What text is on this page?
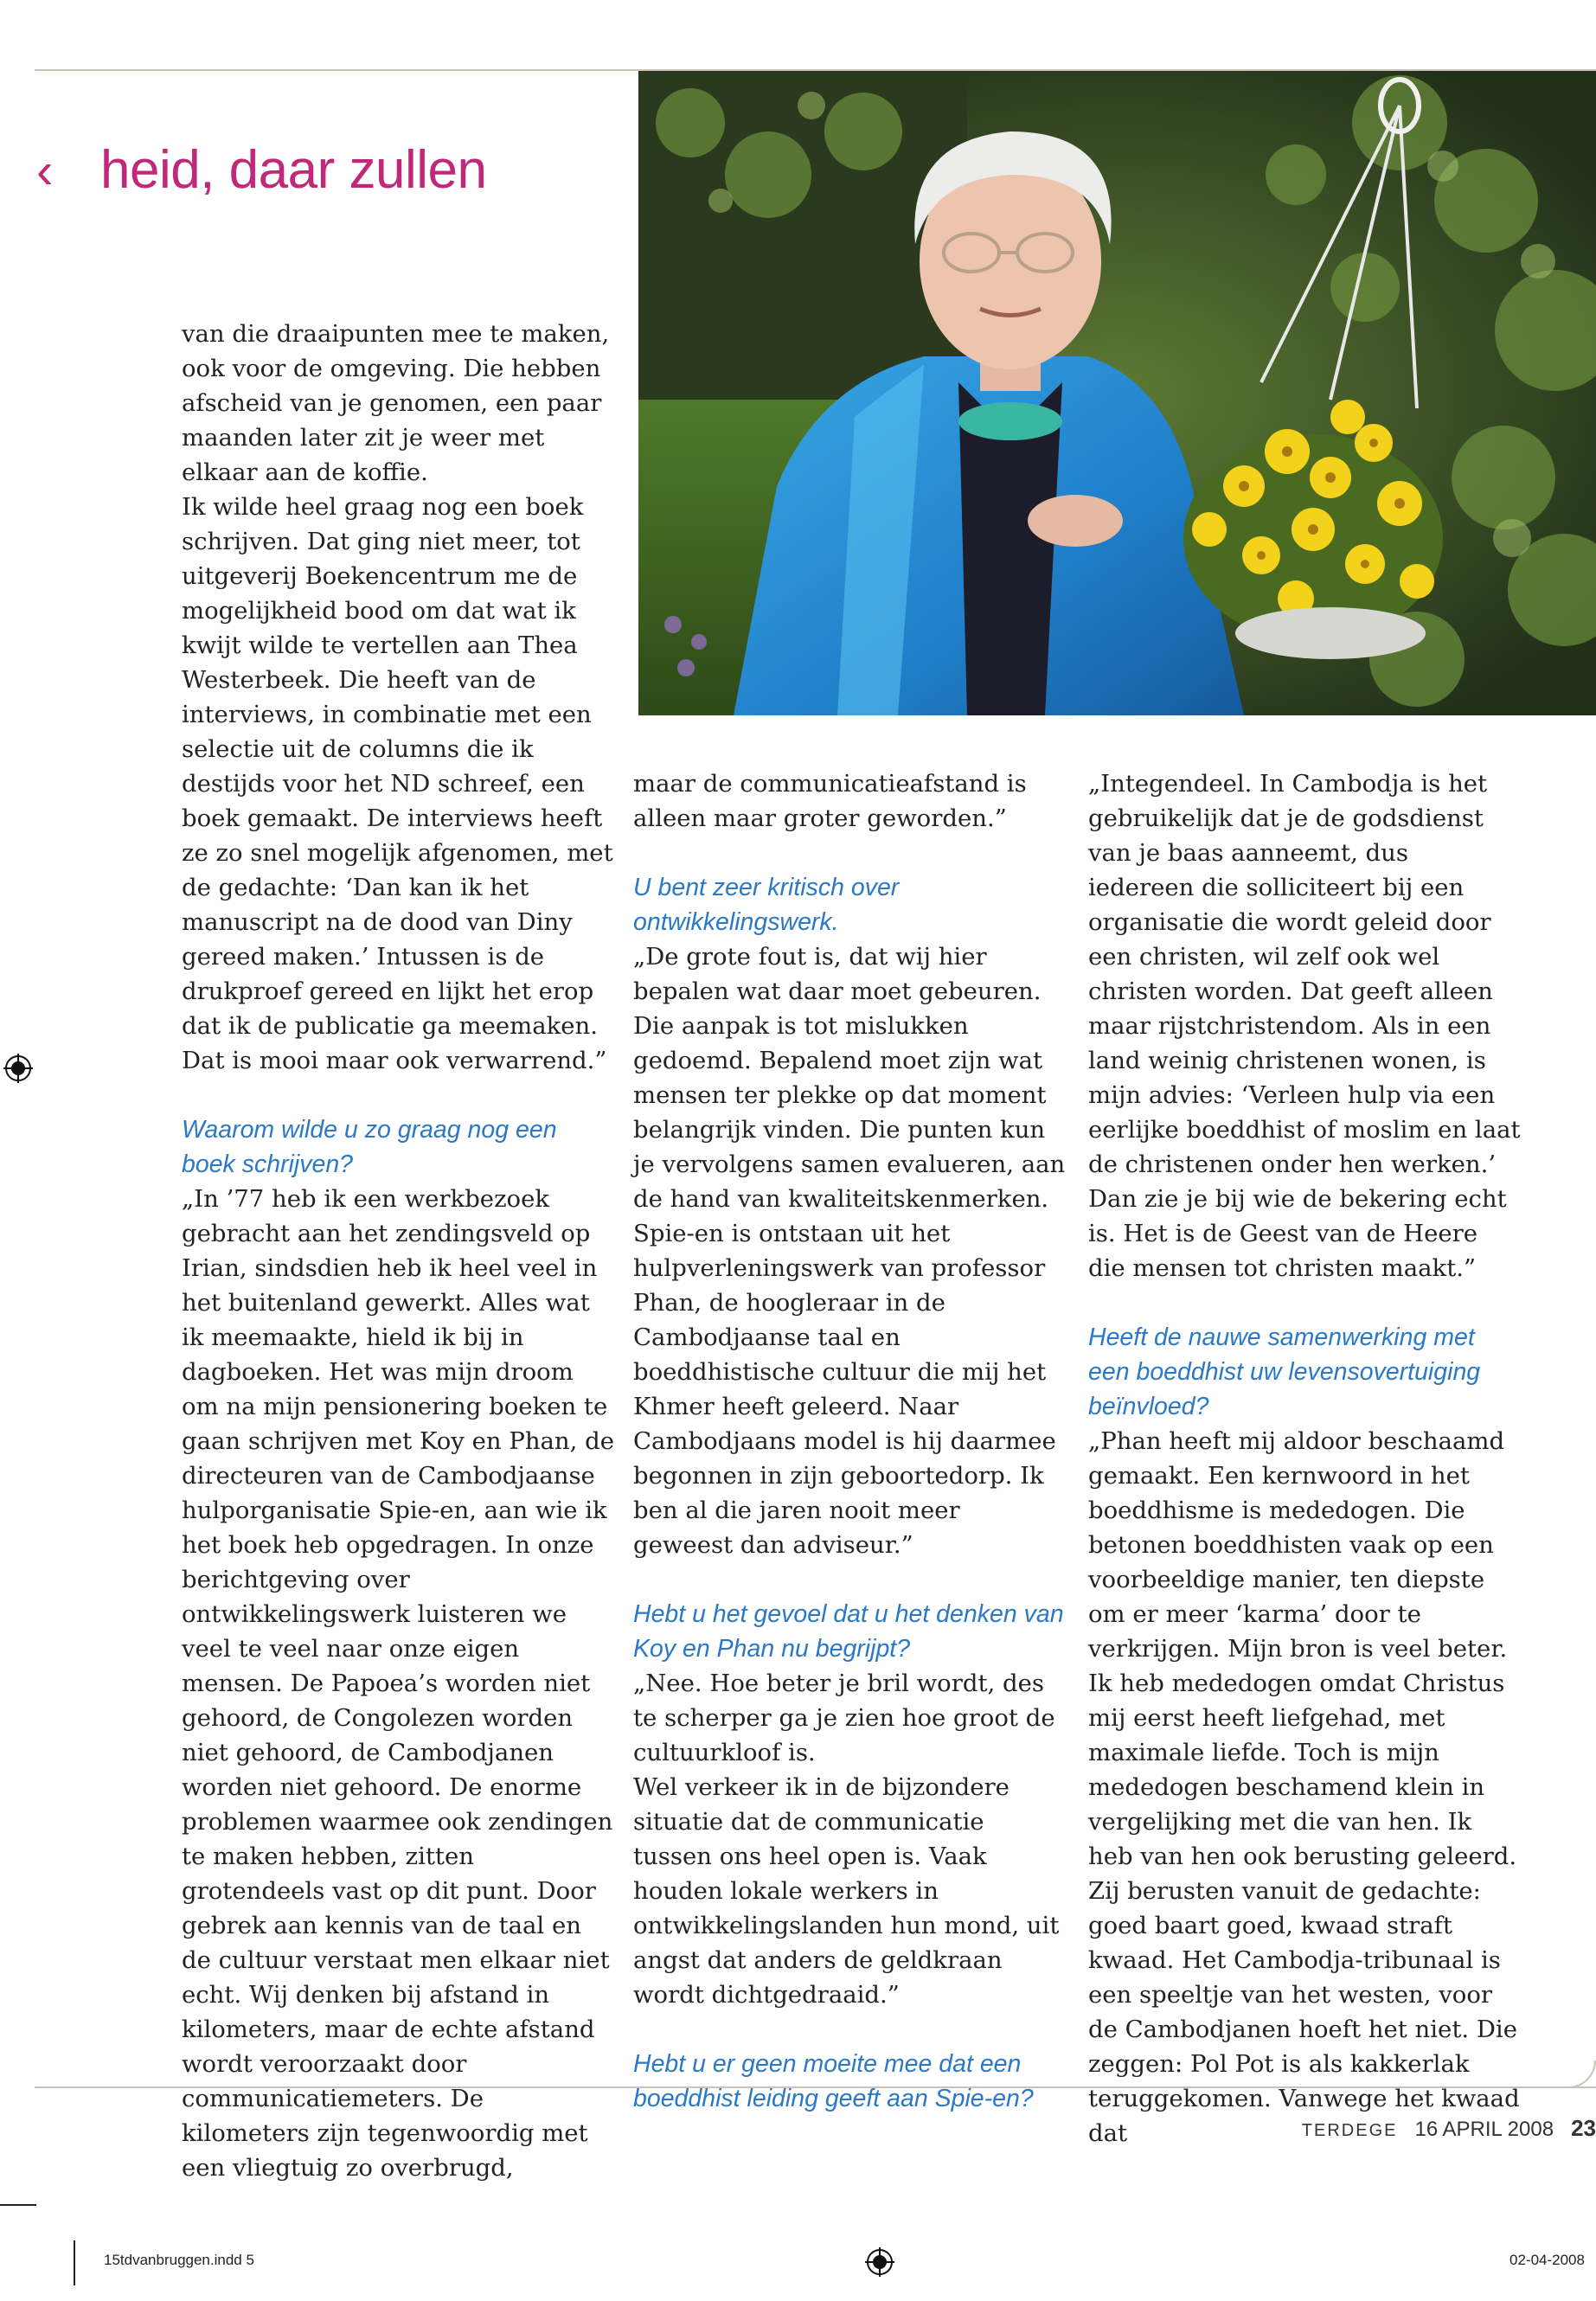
‹ heid, daar zullen

van die draaipunten mee te maken, ook voor de omgeving. Die hebben afscheid van je genomen, een paar maanden later zit je weer met elkaar aan de koffie.

Ik wilde heel graag nog een boek schrijven. Dat ging niet meer, tot uitgeverij Boekencentrum me de mogelijkheid bood om dat wat ik kwijt wilde te vertellen aan Thea Westerbeek. Die heeft van de interviews, in combinatie met een selectie uit de columns die ik destijds voor het ND schreef, een boek gemaakt. De interviews heeft ze zo snel mogelijk afgenomen, met de gedachte: ‘Dan kan ik het manuscript na de dood van Diny gereed maken.’ Intussen is de drukproef gereed en lijkt het erop dat ik de publicatie ga meemaken. Dat is mooi maar ook verwarrend.”

Waarom wilde u zo graag nog een boek schrijven?

„In ’77 heb ik een werkbezoek gebracht aan het zendingsveld op Irian, sindsdien heb ik heel veel in het buitenland gewerkt. Alles wat ik meemaakte, hield ik bij in dagboeken. Het was mijn droom om na mijn pensionering boeken te gaan schrijven met Koy en Phan, de directeuren van de Cambodjaanse hulporganisatie Spie-en, aan wie ik het boek heb opgedragen. In onze berichtgeving over ontwikkelingswerk luisteren we veel te veel naar onze eigen mensen. De Papoea’s worden niet gehoord, de Congolezen worden niet gehoord, de Cambodjanen worden niet gehoord. De enorme problemen waarmee ook zendingen te maken hebben, zitten grotendeels vast op dit punt. Door gebrek aan kennis van de taal en de cultuur verstaat men elkaar niet echt. Wij denken bij afstand in kilometers, maar de echte afstand wordt veroorzaakt door communicatiemeters. De kilometers zijn tegenwoordig met een vliegtuig zo overbrugd,

maar de communicatieafstand is alleen maar groter geworden.”

U bent zeer kritisch over ontwikkelingswerk.

„De grote fout is, dat wij hier bepalen wat daar moet gebeuren. Die aanpak is tot mislukken gedoemd. Bepalend moet zijn wat mensen ter plekke op dat moment belangrijk vinden. Die punten kun je vervolgens samen evalueren, aan de hand van kwaliteitskenmerken. Spie-en is ontstaan uit het hulpverleningswerk van professor Phan, de hoogleraar in de Cambodjaanse taal en boeddhistische cultuur die mij het Khmer heeft geleerd. Naar Cambodjaans model is hij daarmee begonnen in zijn geboortedorp. Ik ben al die jaren nooit meer geweest dan adviseur.”

Hebt u het gevoel dat u het denken van Koy en Phan nu begrijpt?

„Nee. Hoe beter je bril wordt, des te scherper ga je zien hoe groot de cultuurkloof is.

Wel verkeer ik in de bijzondere situatie dat de communicatie tussen ons heel open is. Vaak houden lokale werkers in ontwikkelingslanden hun mond, uit angst dat anders de geldkraan wordt dichtgedraaid.”

Hebt u er geen moeite mee dat een boeddhist leiding geeft aan Spie-en?

„Integendeel. In Cambodja is het gebruikelijk dat je de godsdienst van je baas aanneemt, dus iedereen die solliciteert bij een organisatie die wordt geleid door een christen, wil zelf ook wel christen worden. Dat geeft alleen maar rijstchristendom. Als in een land weinig christenen wonen, is mijn advies: ‘Verleen hulp via een eerlijke boeddhist of moslim en laat de christenen onder hen werken.’ Dan zie je bij wie de bekering echt is. Het is de Geest van de Heere die mensen tot christen maakt.”

Heeft de nauwe samenwerking met een boeddhist uw levensovertuiging beïnvloed?

„Phan heeft mij aldoor beschaamd gemaakt. Een kernwoord in het boeddhisme is mededogen. Die betonen boeddhisten vaak op een voorbeeldige manier, ten diepste om er meer ‘karma’ door te verkrijgen. Mijn bron is veel beter. Ik heb mededogen omdat Christus mij eerst heeft liefgehad, met maximale liefde. Toch is mijn mededogen beschamend klein in vergelijking met die van hen. Ik heb van hen ook berusting geleerd. Zij berusten vanuit de gedachte: goed baart goed, kwaad straft kwaad. Het Cambodja-tribunaal is een speeltje van het westen, voor de Cambodjanen hoeft het niet. Die zeggen: Pol Pot is als kakkerlak teruggekomen. Vanwege het kwaad dat	TERDEGE 16 APRIL 2008 23
15tdvanbruggen.indd 5	02-04-2008
